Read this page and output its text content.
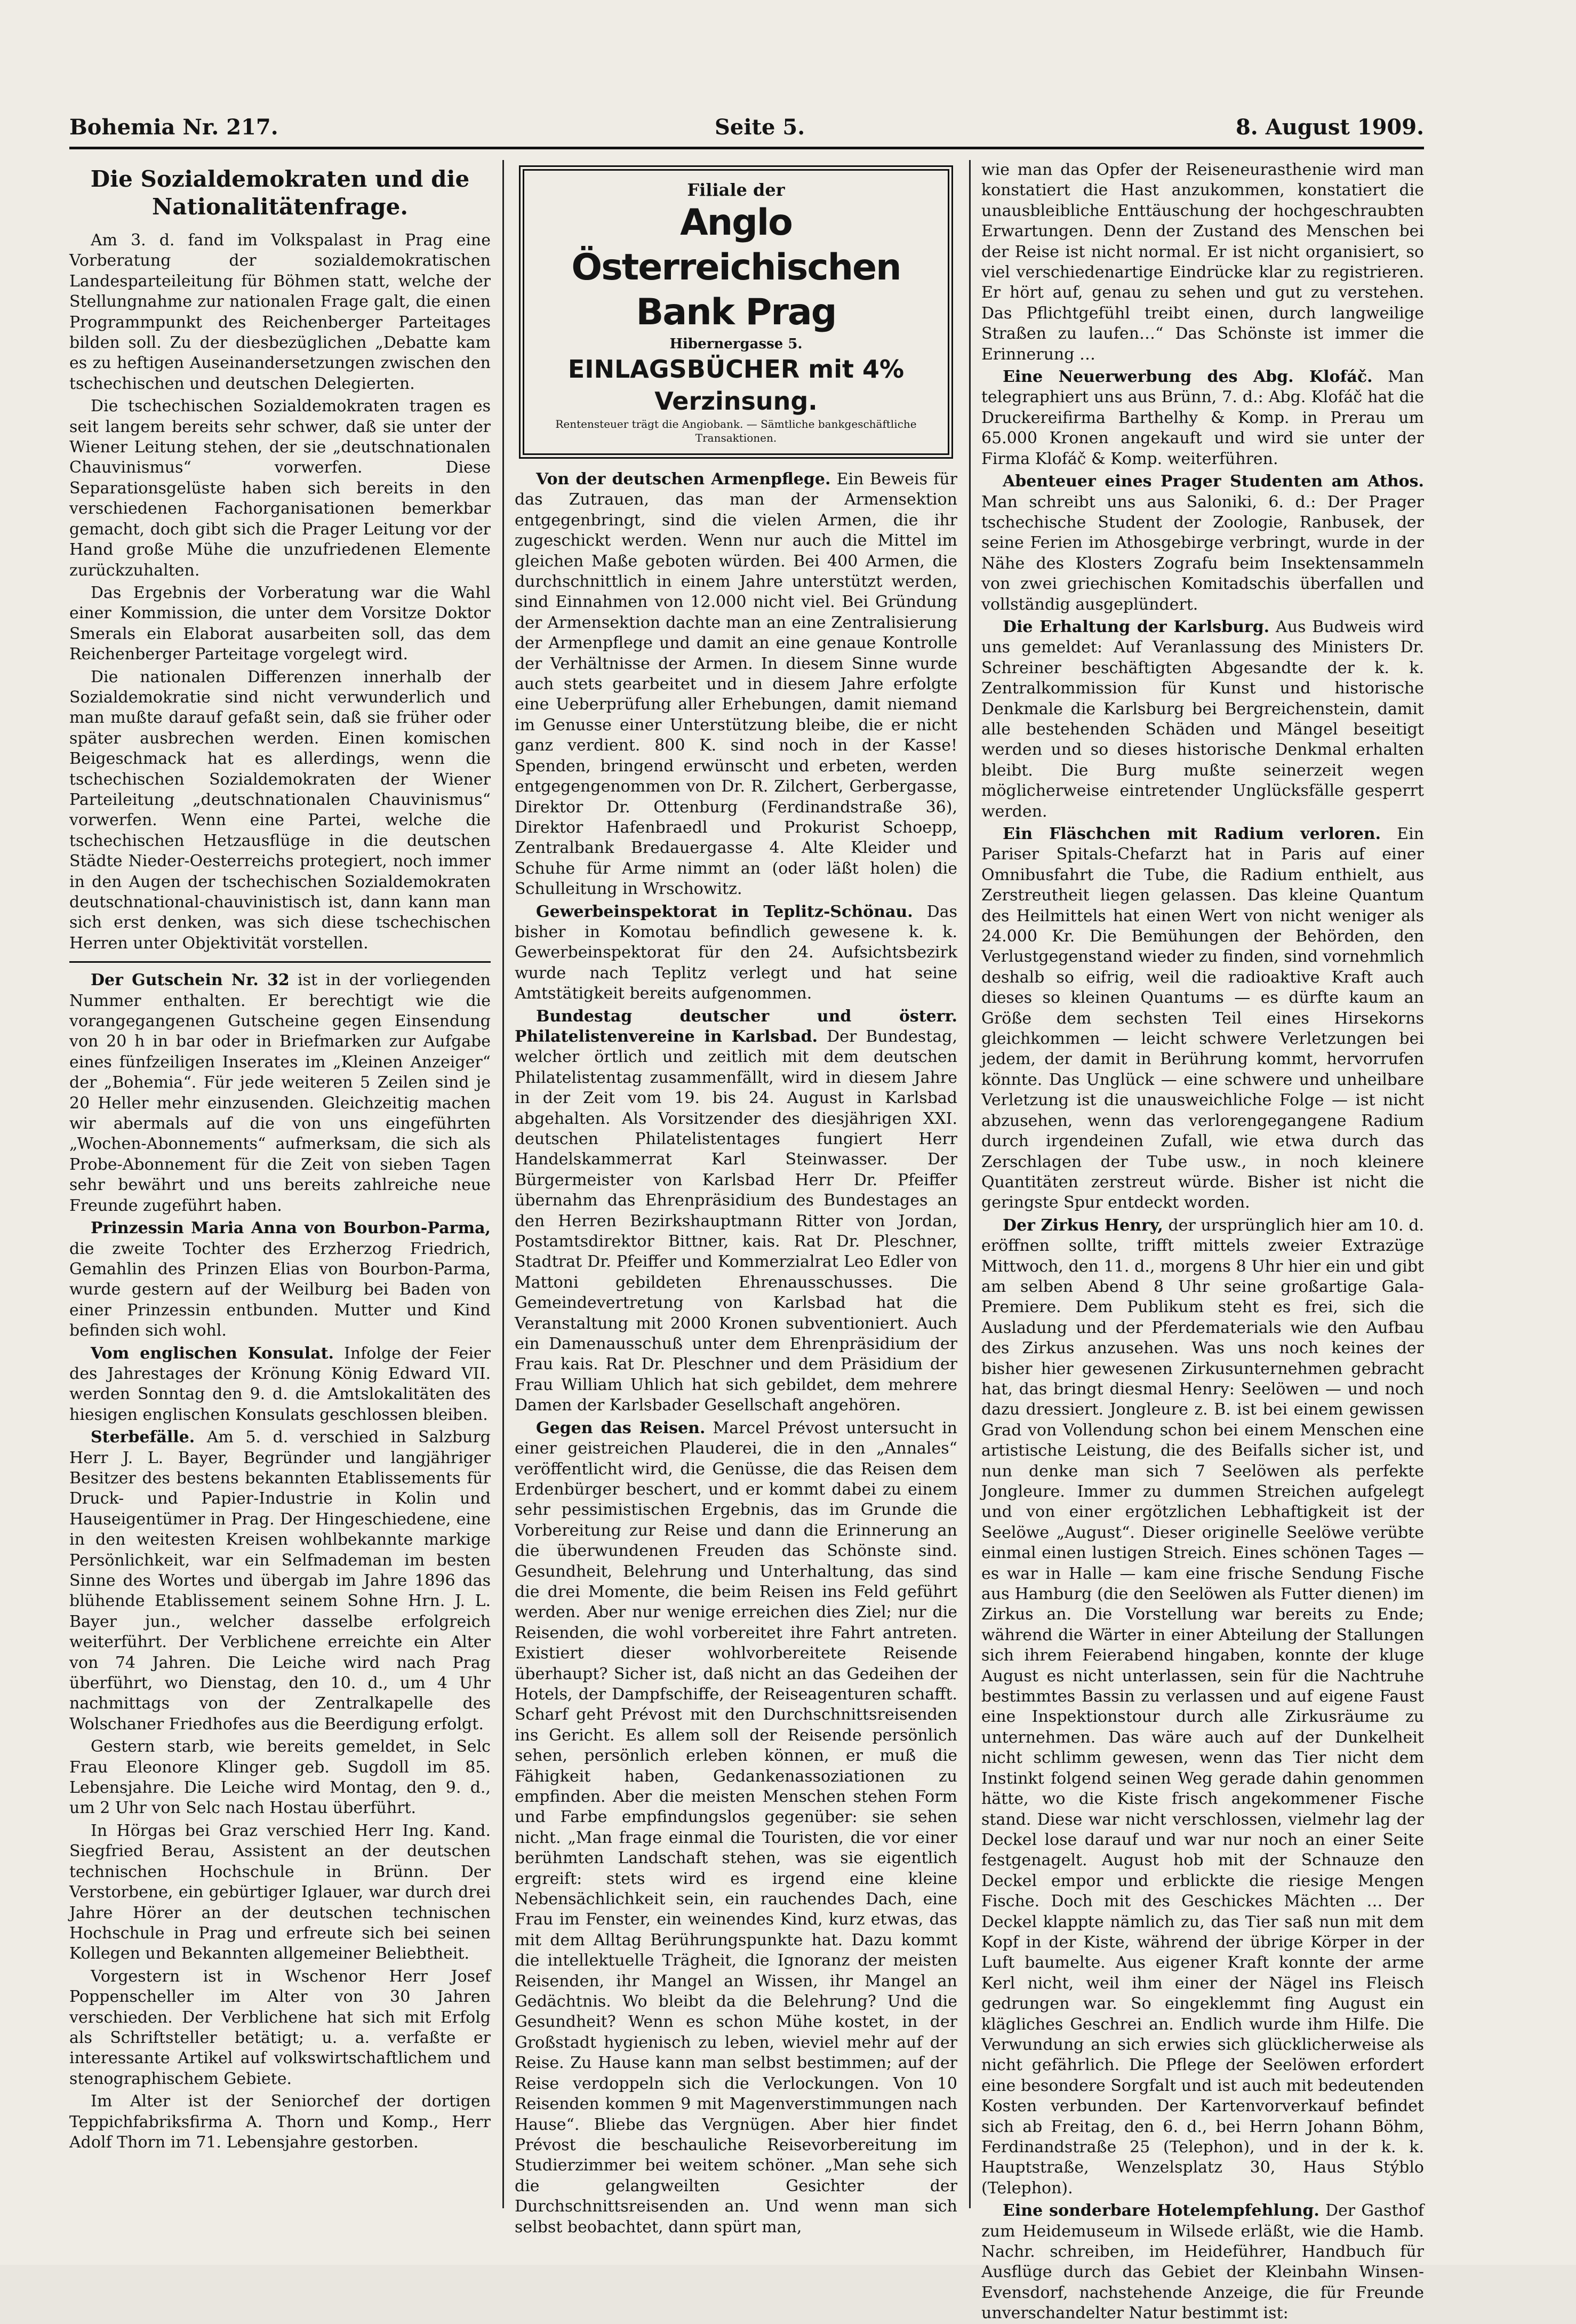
Bohemia Nr. 217.	Seite 5.	8. August 1909.
Die Sozialdemokraten und die Nationalitätenfrage.

Am 3. d. fand im Volkspalast in Prag eine Vorberatung der sozialdemokratischen Landesparteileitung für Böhmen statt, welche der Stellungnahme zur nationalen Frage galt, die einen Programmpunkt des Reichenberger Parteitages bilden soll. Zu der diesbezüglichen „Debatte kam es zu heftigen Auseinandersetzungen zwischen den tschechischen und deutschen Delegierten.

Die tschechischen Sozialdemokraten tragen es seit langem bereits sehr schwer, daß sie unter der Wiener Leitung stehen, der sie „deutschnationalen Chauvinismus“ vorwerfen. Diese Separationsgelüste haben sich bereits in den verschiedenen Fachorganisationen bemerkbar gemacht, doch gibt sich die Prager Leitung vor der Hand große Mühe die unzufriedenen Elemente zurückzuhalten.

Das Ergebnis der Vorberatung war die Wahl einer Kommission, die unter dem Vorsitze Doktor Smerals ein Elaborat ausarbeiten soll, das dem Reichenberger Parteitage vorgelegt wird.

Die nationalen Differenzen innerhalb der Sozialdemokratie sind nicht verwunderlich und man mußte darauf gefaßt sein, daß sie früher oder später ausbrechen werden. Einen komischen Beigeschmack hat es allerdings, wenn die tschechischen Sozialdemokraten der Wiener Parteileitung „deutschnationalen Chauvinismus“ vorwerfen. Wenn eine Partei, welche die tschechischen Hetzausflüge in die deutschen Städte Nieder-Oesterreichs protegiert, noch immer in den Augen der tschechischen Sozialdemokraten deutschnational-chauvinistisch ist, dann kann man sich erst denken, was sich diese tschechischen Herren unter Objektivität vorstellen.

Der Gutschein Nr. 32 ist in der vorliegenden Nummer enthalten. Er berechtigt wie die vorangegangenen Gutscheine gegen Einsendung von 20 h in bar oder in Briefmarken zur Aufgabe eines fünfzeiligen Inserates im „Kleinen Anzeiger“ der „Bohemia“. Für jede weiteren 5 Zeilen sind je 20 Heller mehr einzusenden. Gleichzeitig machen wir abermals auf die von uns eingeführten „Wochen-Abonnements“ aufmerksam, die sich als Probe-Abonnement für die Zeit von sieben Tagen sehr bewährt und uns bereits zahlreiche neue Freunde zugeführt haben.

Prinzessin Maria Anna von Bourbon-Parma, die zweite Tochter des Erzherzog Friedrich, Gemahlin des Prinzen Elias von Bourbon-Parma, wurde gestern auf der Weilburg bei Baden von einer Prinzessin entbunden. Mutter und Kind befinden sich wohl.

Vom englischen Konsulat. Infolge der Feier des Jahrestages der Krönung König Edward VII. werden Sonntag den 9. d. die Amtslokalitäten des hiesigen englischen Konsulats geschlossen bleiben.

Sterbefälle. Am 5. d. verschied in Salzburg Herr J. L. Bayer, Begründer und langjähriger Besitzer des bestens bekannten Etablissements für Druck- und Papier-Industrie in Kolin und Hauseigentümer in Prag. Der Hingeschiedene, eine in den weitesten Kreisen wohlbekannte markige Persönlichkeit, war ein Selfmademan im besten Sinne des Wortes und übergab im Jahre 1896 das blühende Etablissement seinem Sohne Hrn. J. L. Bayer jun., welcher dasselbe erfolgreich weiterführt. Der Verblichene erreichte ein Alter von 74 Jahren. Die Leiche wird nach Prag überführt, wo Dienstag, den 10. d., um 4 Uhr nachmittags von der Zentralkapelle des Wolschaner Friedhofes aus die Beerdigung erfolgt.

Gestern starb, wie bereits gemeldet, in Selc Frau Eleonore Klinger geb. Sugdoll im 85. Lebensjahre. Die Leiche wird Montag, den 9. d., um 2 Uhr von Selc nach Hostau überführt.

In Hörgas bei Graz verschied Herr Ing. Kand. Siegfried Berau, Assistent an der deutschen technischen Hochschule in Brünn. Der Verstorbene, ein gebürtiger Iglauer, war durch drei Jahre Hörer an der deutschen technischen Hochschule in Prag und erfreute sich bei seinen Kollegen und Bekannten allgemeiner Beliebtheit.

Vorgestern ist in Wschenor Herr Josef Poppenscheller im Alter von 30 Jahren verschieden. Der Verblichene hat sich mit Erfolg als Schriftsteller betätigt; u. a. verfaßte er interessante Artikel auf volkswirtschaftlichem und stenographischem Gebiete.

Im Alter ist der Seniorchef der dortigen Teppichfabriksfirma A. Thorn und Komp., Herr Adolf Thorn im 71. Lebensjahre gestorben.

Filiale der
Anglo Österreichischen Bank Prag
Hibernergasse 5.
EINLAGSBÜCHER mit 4% Verzinsung.
Rentensteuer trägt die Angiobank. — Sämtliche bankgeschäftliche Transaktionen.

Von der deutschen Armenpflege. Ein Beweis für das Zutrauen, das man der Armensektion entgegenbringt, sind die vielen Armen, die ihr zugeschickt werden. Wenn nur auch die Mittel im gleichen Maße geboten würden. Bei 400 Armen, die durchschnittlich in einem Jahre unterstützt werden, sind Einnahmen von 12.000 nicht viel. Bei Gründung der Armensektion dachte man an eine Zentralisierung der Armenpflege und damit an eine genaue Kontrolle der Verhältnisse der Armen. In diesem Sinne wurde auch stets gearbeitet und in diesem Jahre erfolgte eine Ueberprüfung aller Erhebungen, damit niemand im Genusse einer Unterstützung bleibe, die er nicht ganz verdient. 800 K. sind noch in der Kasse! Spenden, bringend erwünscht und erbeten, werden entgegengenommen von Dr. R. Zilchert, Gerbergasse, Direktor Dr. Ottenburg (Ferdinandstraße 36), Direktor Hafenbraedl und Prokurist Schoepp, Zentralbank Bredauergasse 4. Alte Kleider und Schuhe für Arme nimmt an (oder läßt holen) die Schulleitung in Wrschowitz.

Gewerbeinspektorat in Teplitz-Schönau. Das bisher in Komotau befindlich gewesene k. k. Gewerbeinspektorat für den 24. Aufsichtsbezirk wurde nach Teplitz verlegt und hat seine Amtstätigkeit bereits aufgenommen.

Bundestag deutscher und österr. Philatelistenvereine in Karlsbad. Der Bundestag, welcher örtlich und zeitlich mit dem deutschen Philatelistentag zusammenfällt, wird in diesem Jahre in der Zeit vom 19. bis 24. August in Karlsbad abgehalten. Als Vorsitzender des diesjährigen XXI. deutschen Philatelistentages fungiert Herr Handelskammerrat Karl Steinwasser. Der Bürgermeister von Karlsbad Herr Dr. Pfeiffer übernahm das Ehrenpräsidium des Bundestages an den Herren Bezirkshauptmann Ritter von Jordan, Postamtsdirektor Bittner, kais. Rat Dr. Pleschner, Stadtrat Dr. Pfeiffer und Kommerzialrat Leo Edler von Mattoni gebildeten Ehrenausschusses. Die Gemeindevertretung von Karlsbad hat die Veranstaltung mit 2000 Kronen subventioniert. Auch ein Damenausschuß unter dem Ehrenpräsidium der Frau kais. Rat Dr. Pleschner und dem Präsidium der Frau William Uhlich hat sich gebildet, dem mehrere Damen der Karlsbader Gesellschaft angehören.

Gegen das Reisen. Marcel Prévost untersucht in einer geistreichen Plauderei, die in den „Annales“ veröffentlicht wird, die Genüsse, die das Reisen dem Erdenbürger beschert, und er kommt dabei zu einem sehr pessimistischen Ergebnis, das im Grunde die Vorbereitung zur Reise und dann die Erinnerung an die überwundenen Freuden das Schönste sind. Gesundheit, Belehrung und Unterhaltung, das sind die drei Momente, die beim Reisen ins Feld geführt werden. Aber nur wenige erreichen dies Ziel; nur die Reisenden, die wohl vorbereitet ihre Fahrt antreten. Existiert dieser wohlvorbereitete Reisende überhaupt? Sicher ist, daß nicht an das Gedeihen der Hotels, der Dampfschiffe, der Reiseagenturen schafft. Scharf geht Prévost mit den Durchschnittsreisenden ins Gericht. Es allem soll der Reisende persönlich sehen, persönlich erleben können, er muß die Fähigkeit haben, Gedankenassoziationen zu empfinden. Aber die meisten Menschen stehen Form und Farbe empfindungslos gegenüber: sie sehen nicht. „Man frage einmal die Touristen, die vor einer berühmten Landschaft stehen, was sie eigentlich ergreift: stets wird es irgend eine kleine Nebensächlichkeit sein, ein rauchendes Dach, eine Frau im Fenster, ein weinendes Kind, kurz etwas, das mit dem Alltag Berührungspunkte hat. Dazu kommt die intellektuelle Trägheit, die Ignoranz der meisten Reisenden, ihr Mangel an Wissen, ihr Mangel an Gedächtnis. Wo bleibt da die Belehrung? Und die Gesundheit? Wenn es schon Mühe kostet, in der Großstadt hygienisch zu leben, wieviel mehr auf der Reise. Zu Hause kann man selbst bestimmen; auf der Reise verdoppeln sich die Verlockungen. Von 10 Reisenden kommen 9 mit Magenverstimmungen nach Hause“. Bliebe das Vergnügen. Aber hier findet Prévost die beschauliche Reisevorbereitung im Studierzimmer bei weitem schöner. „Man sehe sich die gelangweilten Gesichter der Durchschnittsreisenden an. Und wenn man sich selbst beobachtet, dann spürt man,

wie man das Opfer der Reiseneurasthenie wird man konstatiert die Hast anzukommen, konstatiert die unausbleibliche Enttäuschung der hochgeschraubten Erwartungen. Denn der Zustand des Menschen bei der Reise ist nicht normal. Er ist nicht organisiert, so viel verschiedenartige Eindrücke klar zu registrieren. Er hört auf, genau zu sehen und gut zu verstehen. Das Pflichtgefühl treibt einen, durch langweilige Straßen zu laufen…“ Das Schönste ist immer die Erinnerung …

Eine Neuerwerbung des Abg. Klofáč. Man telegraphiert uns aus Brünn, 7. d.: Abg. Klofáč hat die Druckereifirma Barthelhy & Komp. in Prerau um 65.000 Kronen angekauft und wird sie unter der Firma Klofáč & Komp. weiterführen.

Abenteuer eines Prager Studenten am Athos. Man schreibt uns aus Saloniki, 6. d.: Der Prager tschechische Student der Zoologie, Ranbusek, der seine Ferien im Athosgebirge verbringt, wurde in der Nähe des Klosters Zografu beim Insektensammeln von zwei griechischen Komitadschis überfallen und vollständig ausgeplündert.

Die Erhaltung der Karlsburg. Aus Budweis wird uns gemeldet: Auf Veranlassung des Ministers Dr. Schreiner beschäftigten Abgesandte der k. k. Zentralkommission für Kunst und historische Denkmale die Karlsburg bei Bergreichenstein, damit alle bestehenden Schäden und Mängel beseitigt werden und so dieses historische Denkmal erhalten bleibt. Die Burg mußte seinerzeit wegen möglicherweise eintretender Unglücksfälle gesperrt werden.

Ein Fläschchen mit Radium verloren. Ein Pariser Spitals-Chefarzt hat in Paris auf einer Omnibusfahrt die Tube, die Radium enthielt, aus Zerstreutheit liegen gelassen. Das kleine Quantum des Heilmittels hat einen Wert von nicht weniger als 24.000 Kr. Die Bemühungen der Behörden, den Verlustgegenstand wieder zu finden, sind vornehmlich deshalb so eifrig, weil die radioaktive Kraft auch dieses so kleinen Quantums — es dürfte kaum an Größe dem sechsten Teil eines Hirsekorns gleichkommen — leicht schwere Verletzungen bei jedem, der damit in Berührung kommt, hervorrufen könnte. Das Unglück — eine schwere und unheilbare Verletzung ist die unausweichliche Folge — ist nicht abzusehen, wenn das verlorengegangene Radium durch irgendeinen Zufall, wie etwa durch das Zerschlagen der Tube usw., in noch kleinere Quantitäten zerstreut würde. Bisher ist nicht die geringste Spur entdeckt worden.

Der Zirkus Henry, der ursprünglich hier am 10. d. eröffnen sollte, trifft mittels zweier Extrazüge Mittwoch, den 11. d., morgens 8 Uhr hier ein und gibt am selben Abend 8 Uhr seine großartige Gala-Premiere. Dem Publikum steht es frei, sich die Ausladung und der Pferdematerials wie den Aufbau des Zirkus anzusehen. Was uns noch keines der bisher hier gewesenen Zirkusunternehmen gebracht hat, das bringt diesmal Henry: Seelöwen — und noch dazu dressiert. Jongleure z. B. ist bei einem gewissen Grad von Vollendung schon bei einem Menschen eine artistische Leistung, die des Beifalls sicher ist, und nun denke man sich 7 Seelöwen als perfekte Jongleure. Immer zu dummen Streichen aufgelegt und von einer ergötzlichen Lebhaftigkeit ist der Seelöwe „August“. Dieser originelle Seelöwe verübte einmal einen lustigen Streich. Eines schönen Tages — es war in Halle — kam eine frische Sendung Fische aus Hamburg (die den Seelöwen als Futter dienen) im Zirkus an. Die Vorstellung war bereits zu Ende; während die Wärter in einer Abteilung der Stallungen sich ihrem Feierabend hingaben, konnte der kluge August es nicht unterlassen, sein für die Nachtruhe bestimmtes Bassin zu verlassen und auf eigene Faust eine Inspektionstour durch alle Zirkusräume zu unternehmen. Das wäre auch auf der Dunkelheit nicht schlimm gewesen, wenn das Tier nicht dem Instinkt folgend seinen Weg gerade dahin genommen hätte, wo die Kiste frisch angekommener Fische stand. Diese war nicht verschlossen, vielmehr lag der Deckel lose darauf und war nur noch an einer Seite festgenagelt. August hob mit der Schnauze den Deckel empor und erblickte die riesige Mengen Fische. Doch mit des Geschickes Mächten … Der Deckel klappte nämlich zu, das Tier saß nun mit dem Kopf in der Kiste, während der übrige Körper in der Luft baumelte. Aus eigener Kraft konnte der arme Kerl nicht, weil ihm einer der Nägel ins Fleisch gedrungen war. So eingeklemmt fing August ein klägliches Geschrei an. Endlich wurde ihm Hilfe. Die Verwundung an sich erwies sich glücklicherweise als nicht gefährlich. Die Pflege der Seelöwen erfordert eine besondere Sorgfalt und ist auch mit bedeutenden Kosten verbunden. Der Kartenvorverkauf befindet sich ab Freitag, den 6. d., bei Herrn Johann Böhm, Ferdinandstraße 25 (Telephon), und in der k. k. Hauptstraße, Wenzelsplatz 30, Haus Stýblo (Telephon).

Eine sonderbare Hotelempfehlung. Der Gasthof zum Heidemuseum in Wilsede erläßt, wie die Hamb. Nachr. schreiben, im Heideführer, Handbuch für Ausflüge durch das Gebiet der Kleinbahn Winsen-Evensdorf, nachstehende Anzeige, die für Freunde unverschandelter Natur bestimmt ist:
